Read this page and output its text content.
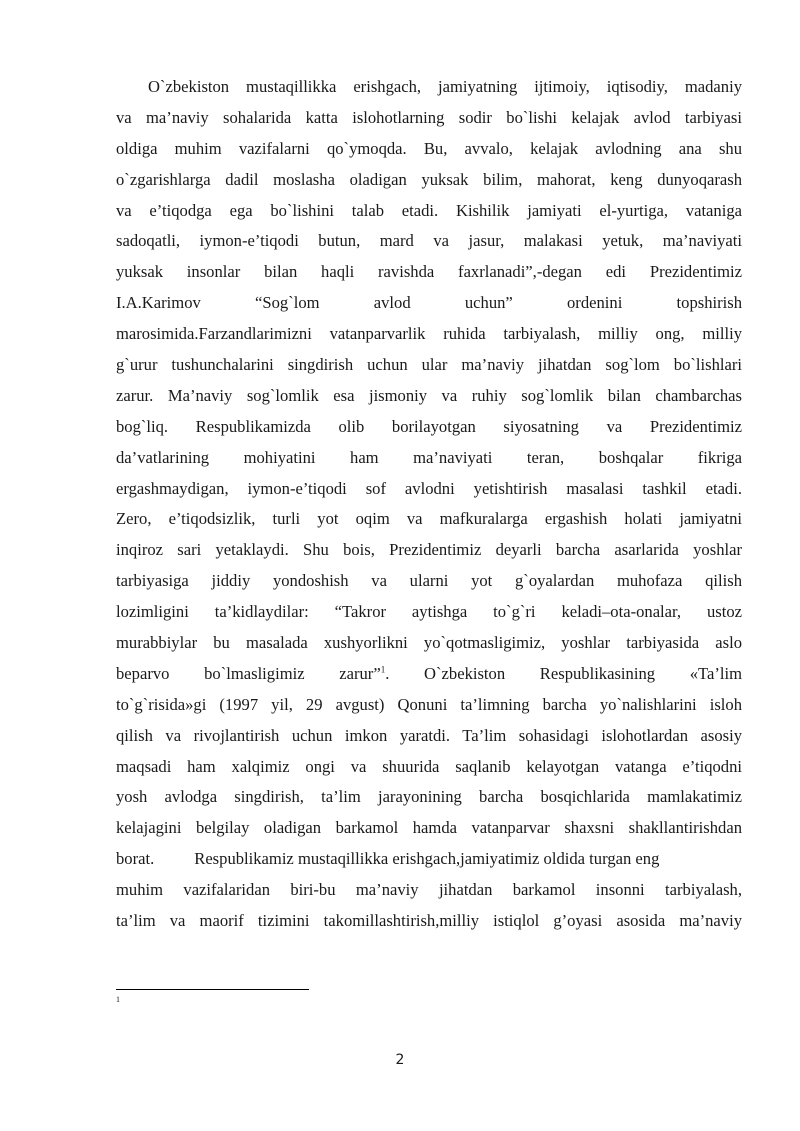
O`zbekiston mustaqillikka erishgach, jamiyatning ijtimoiy, iqtisodiy, madaniy
va ma’naviy sohalarida katta islohotlarning sodir bo`lishi kelajak avlod tarbiyasi
oldiga muhim vazifalarni qo`ymoqda. Bu, avvalo, kelajak avlodning ana shu
o`zgarishlarga dadil moslasha oladigan yuksak bilim, mahorat, keng dunyoqarash
va e’tiqodga ega bo`lishini talab etadi. Kishilik jamiyati el-yurtiga, vataniga
sadoqatli, iymon-e’tiqodi butun, mard va jasur, malakasi yetuk, ma’naviyati
yuksak insonlar bilan haqli ravishda faxrlanadi”,-degan edi Prezidentimiz
I.A.Karimov “Sog`lom avlod uchun” ordenini topshirish
marosimida.Farzandlarimizni vatanparvarlik ruhida tarbiyalash, milliy ong, milliy
g`urur tushunchalarini singdirish uchun ular ma’naviy jihatdan sog`lom bo`lishlari
zarur. Ma’naviy sog`lomlik esa jismoniy va ruhiy sog`lomlik bilan chambarchas
bog`liq. Respublikamizda olib borilayotgan siyosatning va Prezidentimiz
da’vatlarining mohiyatini ham ma’naviyati teran, boshqalar fikriga
ergashmaydigan, iymon-e’tiqodi sof avlodni yetishtirish masalasi tashkil etadi.
Zero, e’tiqodsizlik, turli yot oqim va mafkuralarga ergashish holati jamiyatni
inqiroz sari yetaklaydi. Shu bois, Prezidentimiz deyarli barcha asarlarida yoshlar
tarbiyasiga jiddiy yondoshish va ularni yot g`oyalardan muhofaza qilish
lozimligini ta’kidlaydilar: “Takror aytishga to`g`ri keladi–ota-onalar, ustoz
murabbiylar bu masalada xushyorlikni yo`qotmasligimiz, yoshlar tarbiyasida aslo
beparvo bo`lmasligimiz zarur”$^1$. O`zbekiston Respublikasining «Ta’lim
to`g`risida»gi (1997 yil, 29 avgust) Qonuni ta’limning barcha yo`nalishlarini isloh
qilish va rivojlantirish uchun imkon yaratdi. Ta’lim sohasidagi islohotlardan asosiy
maqsadi ham xalqimiz ongi va shuurida saqlanib kelayotgan vatanga e’tiqodni
yosh avlodga singdirish, ta’lim jarayonining barcha bosqichlarida mamlakatimiz
kelajagini belgilay oladigan barkamol hamda vatanparvar shaxsni shakllantirishdan
borat. Respublikamiz mustaqillikka erishgach,jamiyatimiz oldida turgan eng
muhim vazifalaridan biri-bu ma’naviy jihatdan barkamol insonni tarbiyalash,
ta’lim va maorif tizimini takomillashtirish,milliy istiqlol g’oyasi asosida ma’naviy
1
2
